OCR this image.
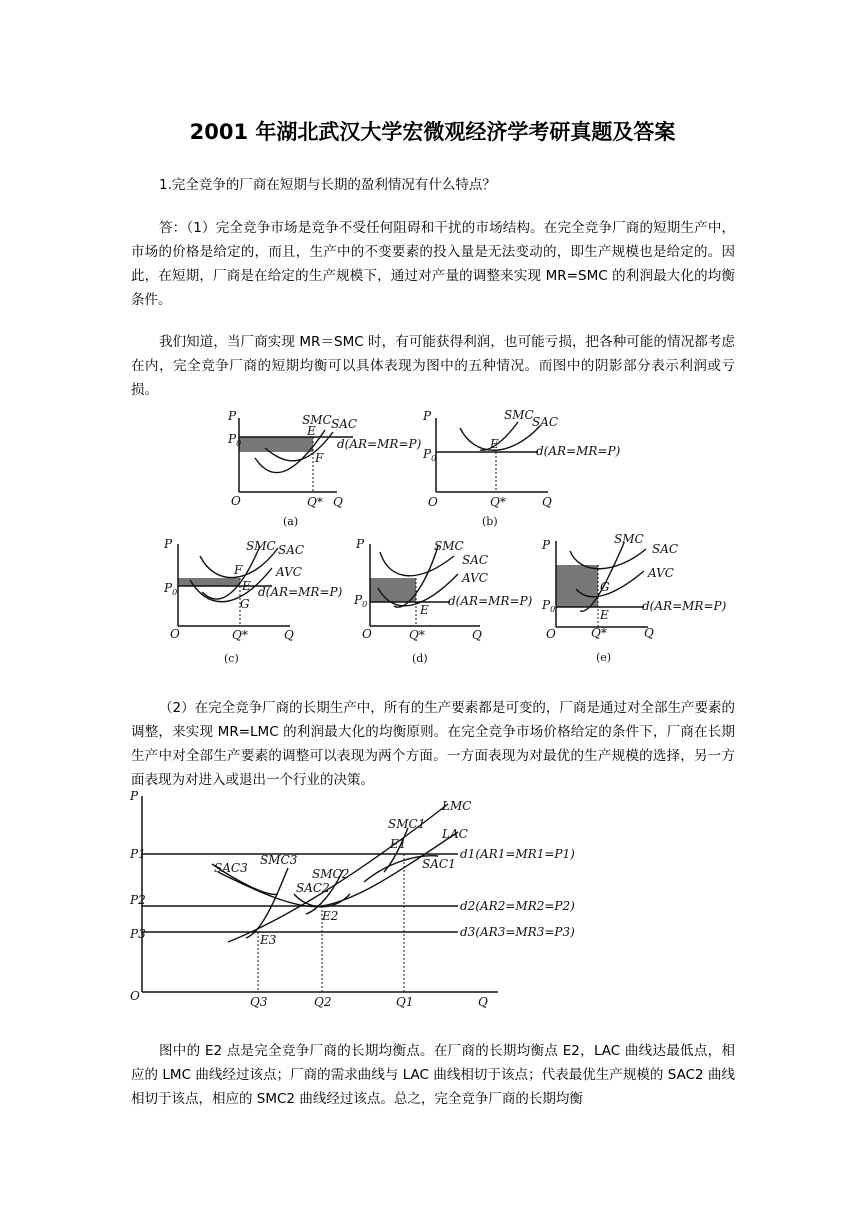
2001 年湖北武汉大学宏微观经济学考研真题及答案

1.完全竞争的厂商在短期与长期的盈利情况有什么特点？

答：（1）完全竞争市场是竞争不受任何阻碍和干扰的市场结构。在完全竞争厂商的短期生产中，市场的价格是给定的，而且，生产中的不变要素的投入量是无法变动的，即生产规模也是给定的。因此，在短期，厂商是在给定的生产规模下，通过对产量的调整来实现 MR=SMC 的利润最大化的均衡条件。

我们知道，当厂商实现 MR＝SMC 时，有可能获得利润，也可能亏损，把各种可能的情况都考虑在内，完全竞争厂商的短期均衡可以具体表现为图中的五种情况。而图中的阴影部分表示利润或亏损。

P
$P_0$
O	Q* Q
SMC SAC
E
F
d(AR=MR=P)
(a)
P
$P_0$
O	Q*	Q
SMC
SAC
E	d(AR=MR=P)
(b)
P
$P_0$
O	Q*	Q
SMC SAC
AVC
F
E
G
d(AR=MR=P)
(c)
P
$P_0$
O	Q*	Q
SMC
SAC
AVC
E
d(AR=MR=P)
(d)
P
$P_0$
O	Q*	Q
SMC
SAC
AVC
G
E
d(AR=MR=P)
(e)

（2）在完全竞争厂商的长期生产中，所有的生产要素都是可变的，厂商是通过对全部生产要素的调整，来实现 MR=LMC 的利润最大化的均衡原则。在完全竞争市场价格给定的条件下，厂商在长期生产中对全部生产要素的调整可以表现为两个方面。一方面表现为对最优的生产规模的选择，另一方面表现为对进入或退出一个行业的决策。

P
O	Q
P1
P2
P3
Q3	Q2	Q1
LMC
LAC
SMC1
SAC1
E1
SMC2
SAC2
E2
SMC3
SAC3
E3
d1(AR1=MR1=P1)
d2(AR2=MR2=P2)
d3(AR3=MR3=P3)

图中的 E2 点是完全竞争厂商的长期均衡点。在厂商的长期均衡点 E2，LAC 曲线达最低点，相应的 LMC 曲线经过该点；厂商的需求曲线与 LAC 曲线相切于该点；代表最优生产规模的 SAC2 曲线相切于该点，相应的 SMC2 曲线经过该点。总之，完全竞争厂商的长期均衡
